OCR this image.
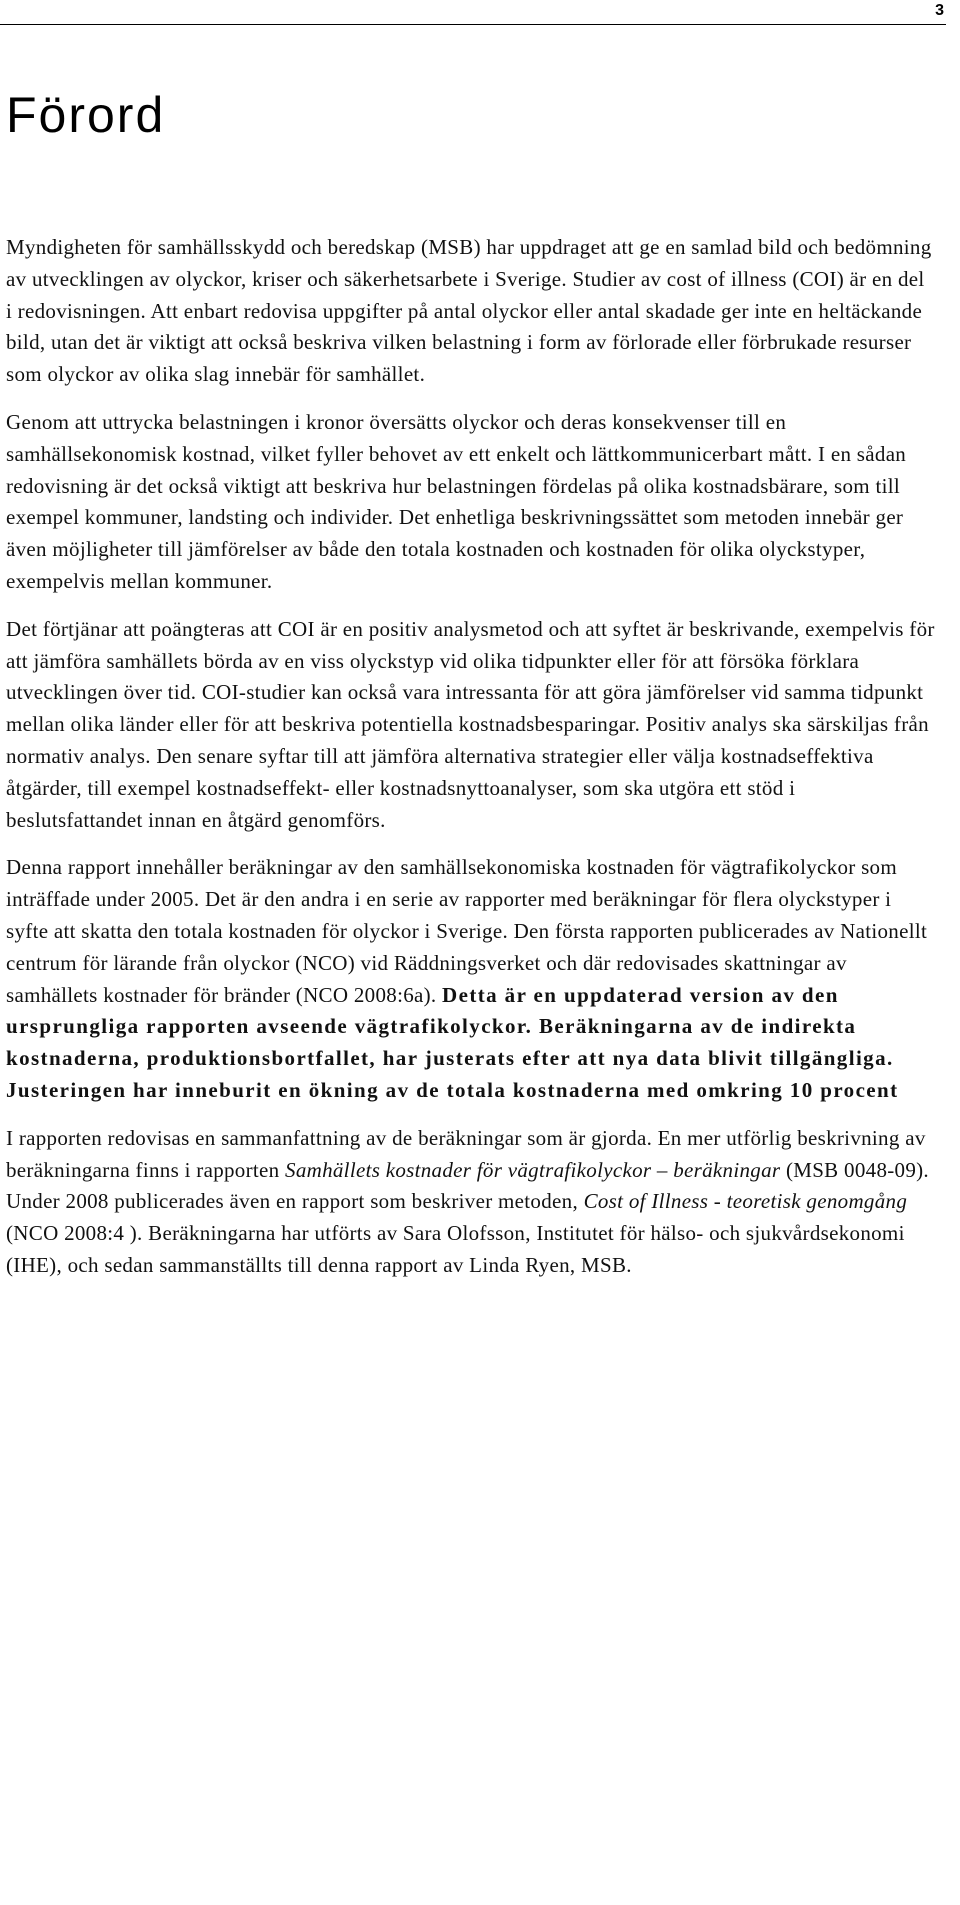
3
Förord

Myndigheten för samhällsskydd och beredskap (MSB) har uppdraget att ge en samlad bild och bedömning av utvecklingen av olyckor, kriser och säkerhetsarbete i Sverige. Studier av cost of illness (COI) är en del i redovisningen. Att enbart redovisa uppgifter på antal olyckor eller antal skadade ger inte en heltäckande bild, utan det är viktigt att också beskriva vilken belastning i form av förlorade eller förbrukade resurser som olyckor av olika slag innebär för samhället.

Genom att uttrycka belastningen i kronor översätts olyckor och deras konsekvenser till en samhällsekonomisk kostnad, vilket fyller behovet av ett enkelt och lättkommunicerbart mått. I en sådan redovisning är det också viktigt att beskriva hur belastningen fördelas på olika kostnadsbärare, som till exempel kommuner, landsting och individer. Det enhetliga beskrivningssättet som metoden innebär ger även möjligheter till jämförelser av både den totala kostnaden och kostnaden för olika olyckstyper, exempelvis mellan kommuner.

Det förtjänar att poängteras att COI är en positiv analysmetod och att syftet är beskrivande, exempelvis för att jämföra samhällets börda av en viss olyckstyp vid olika tidpunkter eller för att försöka förklara utvecklingen över tid. COI-studier kan också vara intressanta för att göra jämförelser vid samma tidpunkt mellan olika länder eller för att beskriva potentiella kostnadsbesparingar. Positiv analys ska särskiljas från normativ analys. Den senare syftar till att jämföra alternativa strategier eller välja kostnadseffektiva åtgärder, till exempel kostnadseffekt- eller kostnadsnyttoanalyser, som ska utgöra ett stöd i beslutsfattandet innan en åtgärd genomförs.

Denna rapport innehåller beräkningar av den samhällsekonomiska kostnaden för vägtrafikolyckor som inträffade under 2005. Det är den andra i en serie av rapporter med beräkningar för flera olyckstyper i syfte att skatta den totala kostnaden för olyckor i Sverige. Den första rapporten publicerades av Nationellt centrum för lärande från olyckor (NCO) vid Räddningsverket och där redovisades skattningar av samhällets kostnader för bränder (NCO 2008:6a). Detta är en uppdaterad version av den ursprungliga rapporten avseende vägtrafikolyckor. Beräkningarna av de indirekta kostnaderna, produktionsbortfallet, har justerats efter att nya data blivit tillgängliga. Justeringen har inneburit en ökning av de totala kostnaderna med omkring 10 procent

I rapporten redovisas en sammanfattning av de beräkningar som är gjorda. En mer utförlig beskrivning av beräkningarna finns i rapporten Samhällets kostnader för vägtrafikolyckor – beräkningar (MSB 0048-09). Under 2008 publicerades även en rapport som beskriver metoden, Cost of Illness - teoretisk genomgång (NCO 2008:4 ). Beräkningarna har utförts av Sara Olofsson, Institutet för hälso- och sjukvårdsekonomi (IHE), och sedan sammanställts till denna rapport av Linda Ryen, MSB.
